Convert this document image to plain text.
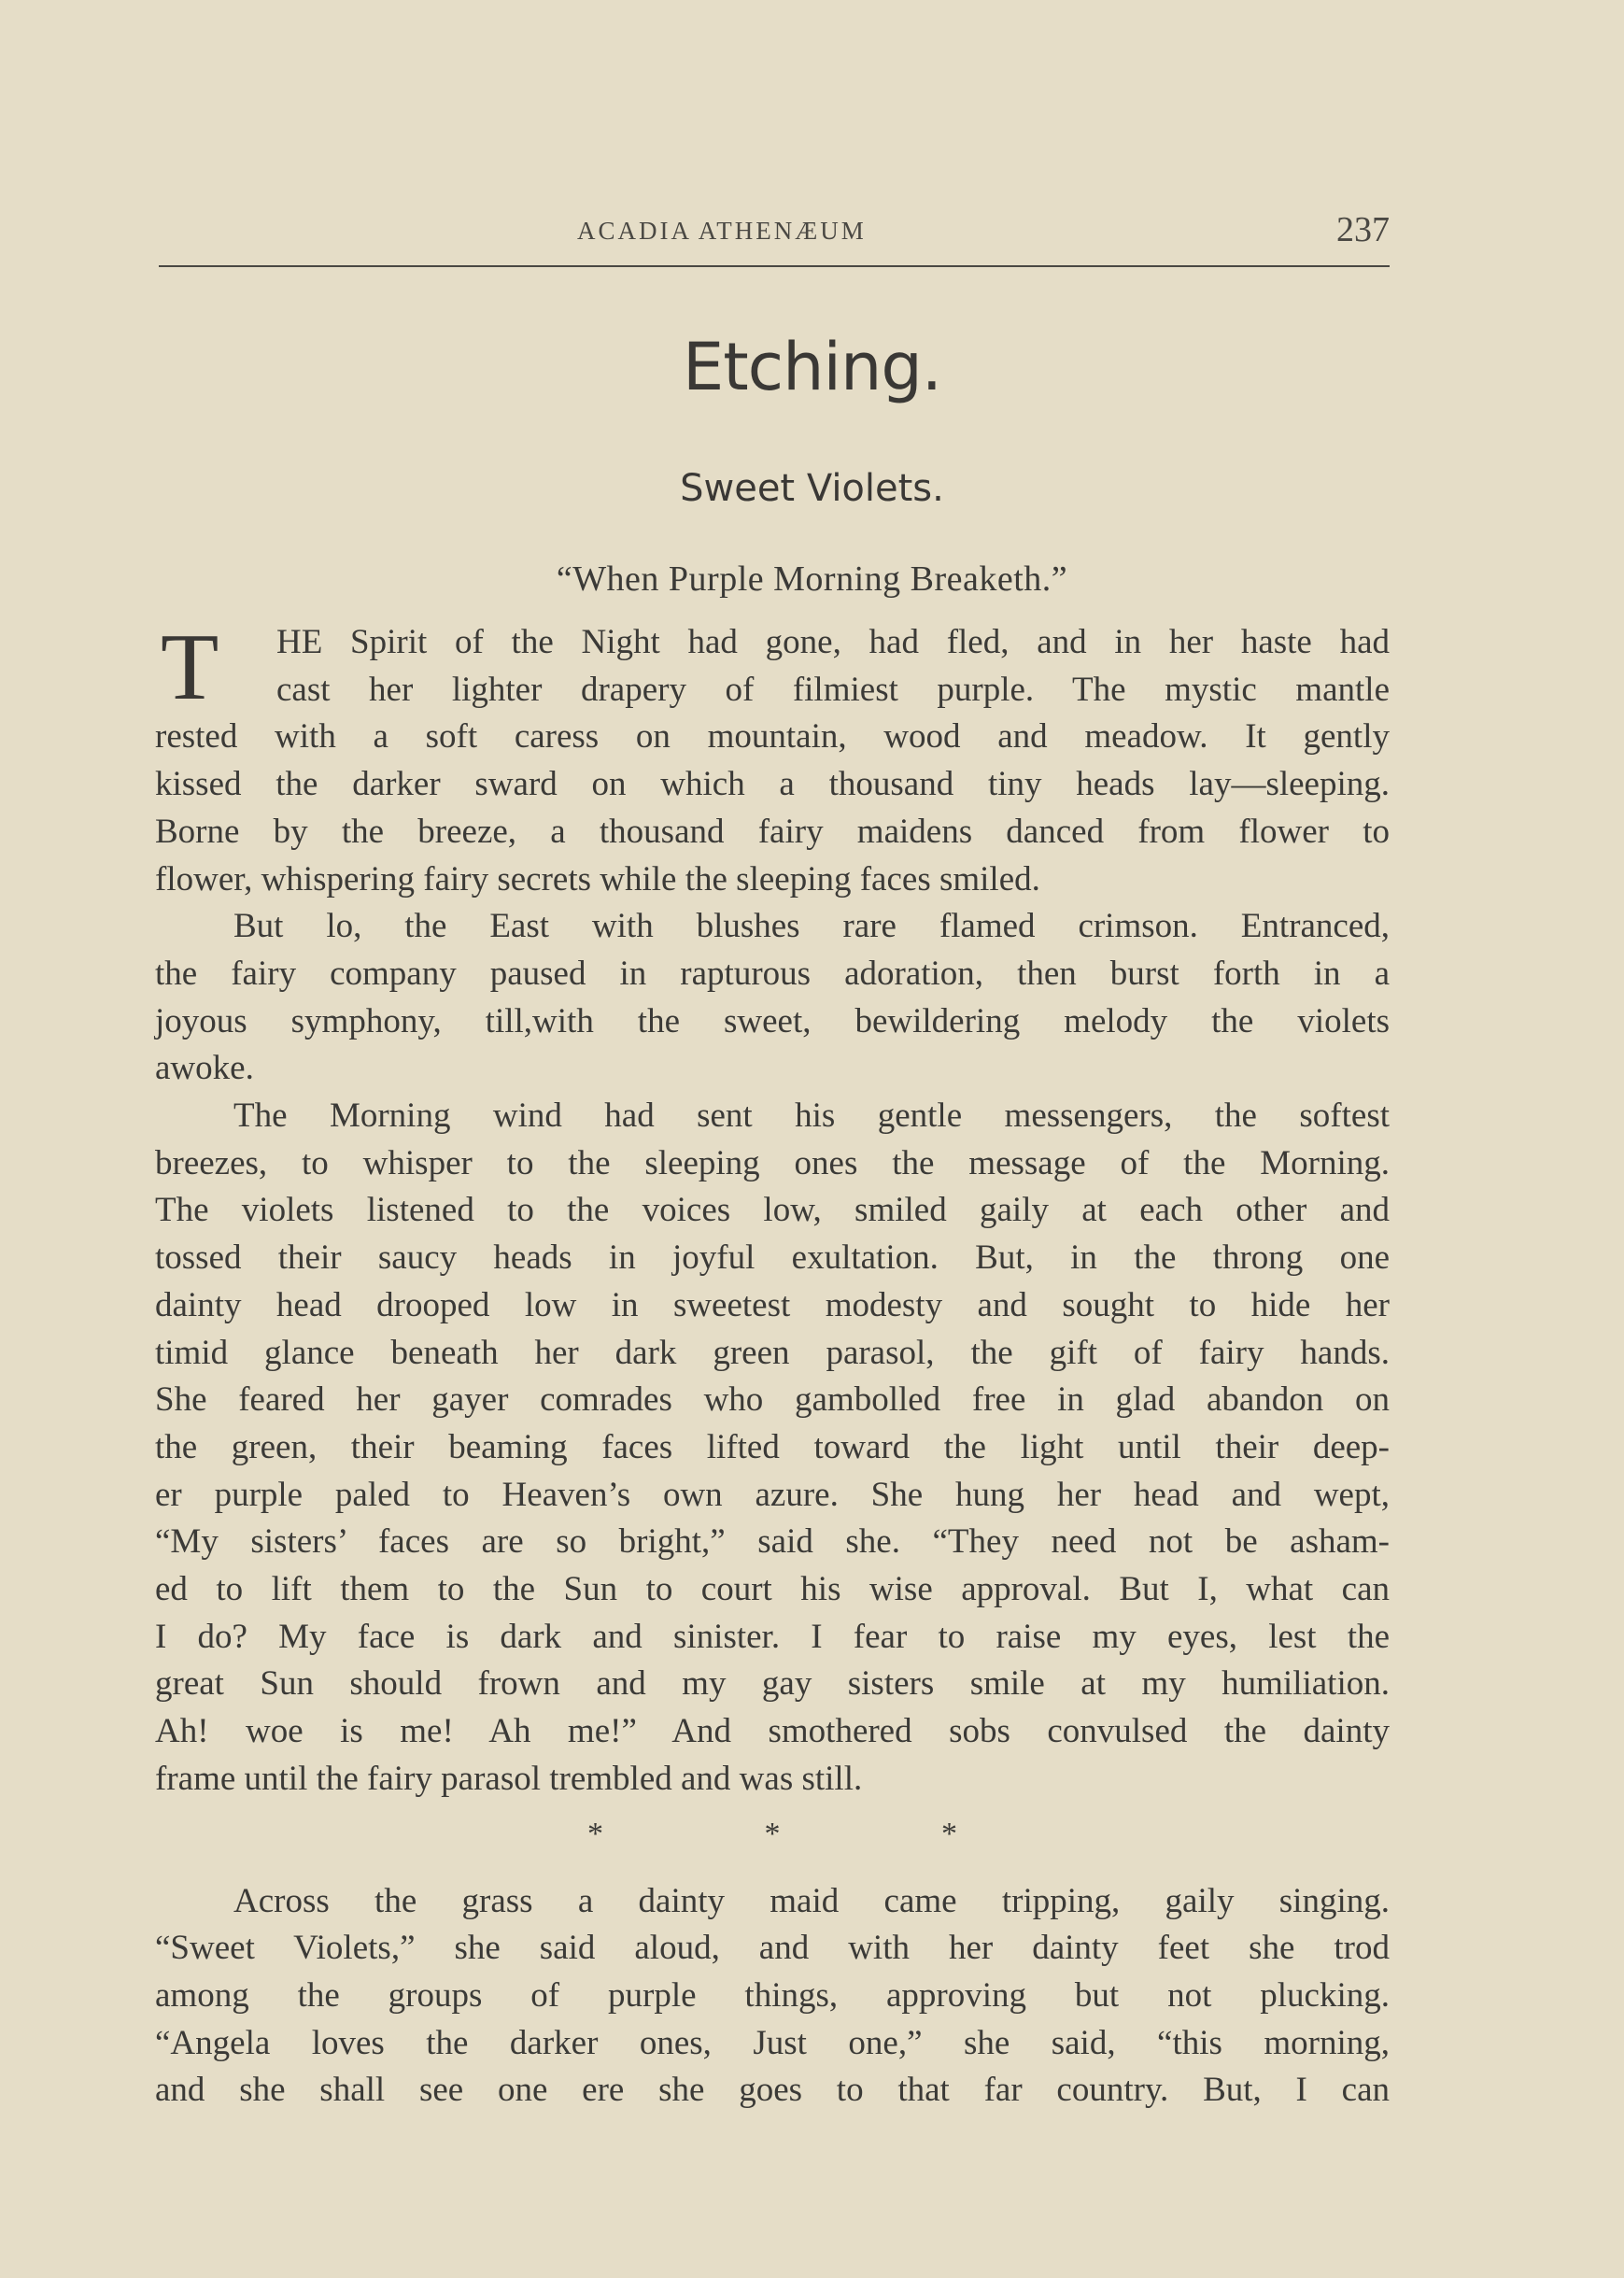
ACADIA ATHENÆUM	237
Etching.
Sweet Violets.
“When Purple Morning Breaketh.”
T	HE Spirit of the Night had gone, had fled, and in her haste had
cast her lighter drapery of filmiest purple. The mystic mantle
rested with a soft caress on mountain, wood and meadow. It gently
kissed the darker sward on which a thousand tiny heads lay—sleeping.
Borne by the breeze, a thousand fairy maidens danced from flower to
flower, whispering fairy secrets while the sleeping faces smiled.
But lo, the East with blushes rare flamed crimson. Entranced,
the fairy company paused in rapturous adoration, then burst forth in a
joyous symphony, till,with the sweet, bewildering melody the violets
awoke.
The Morning wind had sent his gentle messengers, the softest
breezes, to whisper to the sleeping ones the message of the Morning.
The violets listened to the voices low, smiled gaily at each other and
tossed their saucy heads in joyful exultation. But, in the throng one
dainty head drooped low in sweetest modesty and sought to hide her
timid glance beneath her dark green parasol, the gift of fairy hands.
She feared her gayer comrades who gambolled free in glad abandon on
the green, their beaming faces lifted toward the light until their deep-
er purple paled to Heaven’s own azure. She hung her head and wept,
“My sisters’ faces are so bright,” said she. “They need not be asham-
ed to lift them to the Sun to court his wise approval. But I, what can
I do? My face is dark and sinister. I fear to raise my eyes, lest the
great Sun should frown and my gay sisters smile at my humiliation.
Ah! woe is me! Ah me!” And smothered sobs convulsed the dainty
frame until the fairy parasol trembled and was still.
*	*	*
Across the grass a dainty maid came tripping, gaily singing.
“Sweet Violets,” she said aloud, and with her dainty feet she trod
among the groups of purple things, approving but not plucking.
“Angela loves the darker ones, Just one,” she said, “this morning,
and she shall see one ere she goes to that far country. But, I can
